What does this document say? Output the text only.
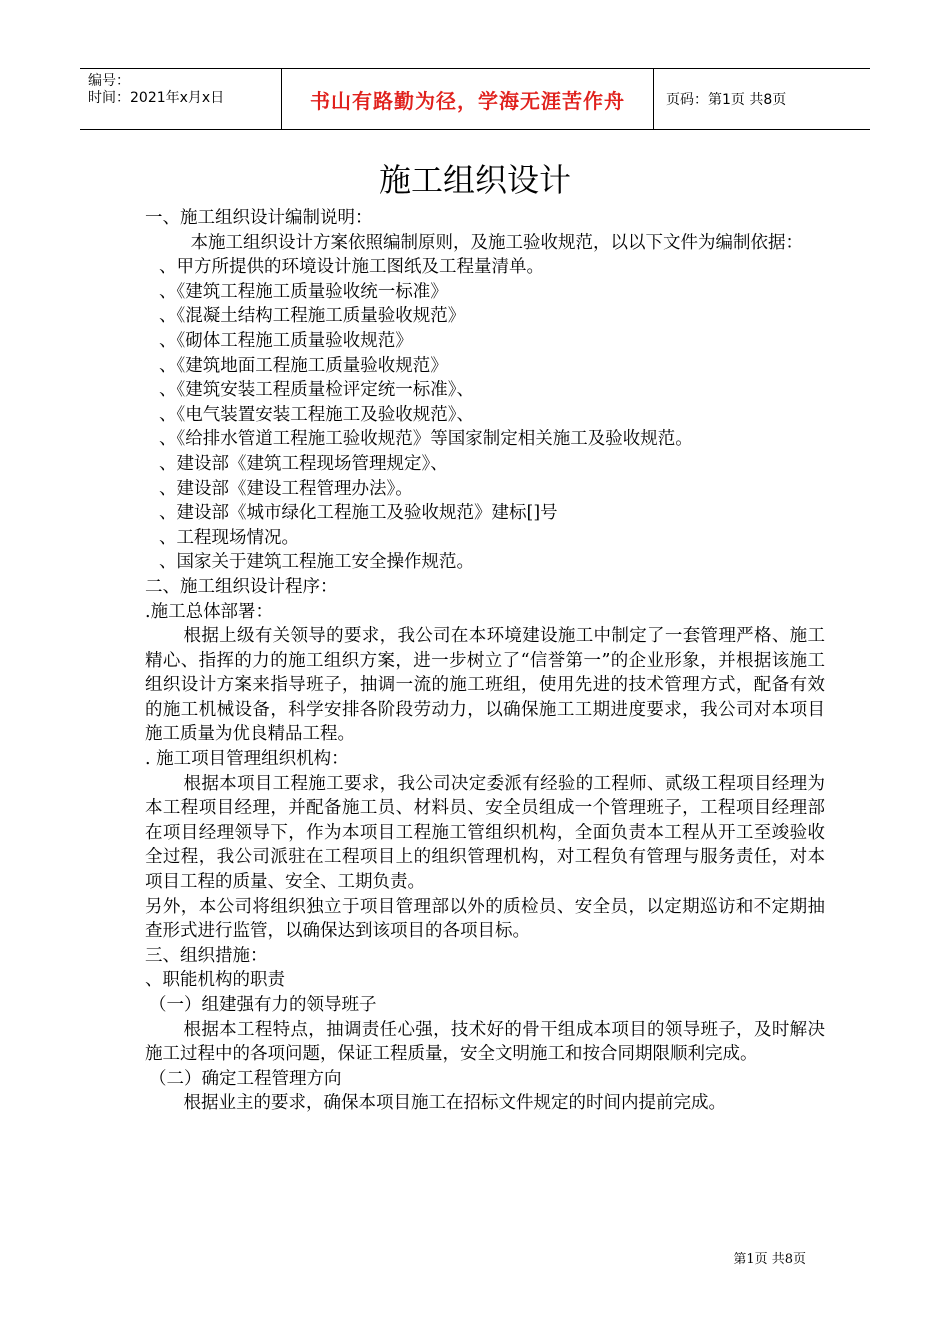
编号：
时间：2021年x月x日	书山有路勤为径，学海无涯苦作舟	页码：第1页 共8页
施工组织设计

一、施工组织设计编制说明：

本施工组织设计方案依照编制原则，及施工验收规范，以以下文件为编制依据：

、甲方所提供的环境设计施工图纸及工程量清单。

、《建筑工程施工质量验收统一标准》

、《混凝土结构工程施工质量验收规范》

、《砌体工程施工质量验收规范》

、《建筑地面工程施工质量验收规范》

、《建筑安装工程质量检评定统一标准》、

、《电气装置安装工程施工及验收规范》、

、《给排水管道工程施工验收规范》等国家制定相关施工及验收规范。

、建设部《建筑工程现场管理规定》、

、建设部《建设工程管理办法》。

、建设部《城市绿化工程施工及验收规范》建标[]号

、工程现场情况。

、国家关于建筑工程施工安全操作规范。

二、施工组织设计程序：

.施工总体部署：

根据上级有关领导的要求，我公司在本环境建设施工中制定了一套管理严格、施工精心、指挥的力的施工组织方案，进一步树立了“信誉第一”的企业形象，并根据该施工组织设计方案来指导班子，抽调一流的施工班组，使用先进的技术管理方式，配备有效的施工机械设备，科学安排各阶段劳动力，以确保施工工期进度要求，我公司对本项目施工质量为优良精品工程。

. 施工项目管理组织机构：

根据本项目工程施工要求，我公司决定委派有经验的工程师、贰级工程项目经理为本工程项目经理，并配备施工员、材料员、安全员组成一个管理班子，工程项目经理部在项目经理领导下，作为本项目工程施工管组织机构，全面负责本工程从开工至竣验收全过程，我公司派驻在工程项目上的组织管理机构，对工程负有管理与服务责任，对本项目工程的质量、安全、工期负责。

另外，本公司将组织独立于项目管理部以外的质检员、安全员，以定期巡访和不定期抽查形式进行监管，以确保达到该项目的各项目标。

三、组织措施：

、职能机构的职责

（一）组建强有力的领导班子

根据本工程特点，抽调责任心强，技术好的骨干组成本项目的领导班子，及时解决施工过程中的各项问题，保证工程质量，安全文明施工和按合同期限顺利完成。

（二）确定工程管理方向

根据业主的要求，确保本项目施工在招标文件规定的时间内提前完成。

第1页 共8页
